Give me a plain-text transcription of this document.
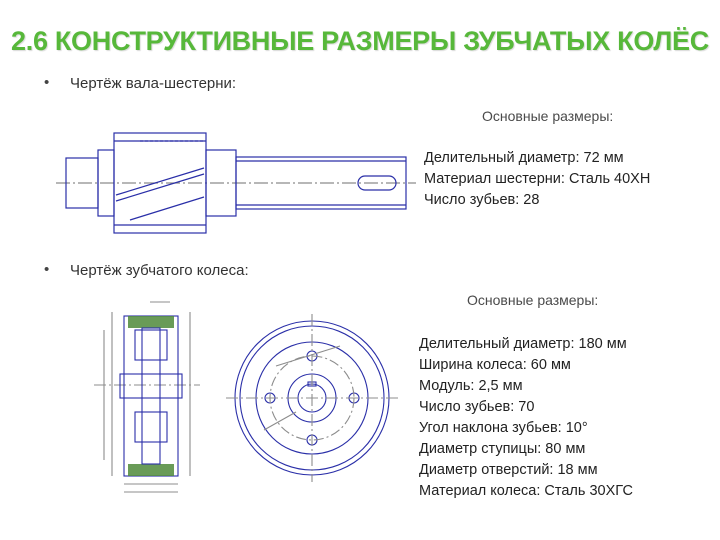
2.6 КОНСТРУКТИВНЫЕ РАЗМЕРЫ ЗУБЧАТЫХ КОЛЁС
• Чертёж вала-шестерни:
Основные размеры:
Делительный диаметр: 72 мм
Материал шестерни: Сталь 40ХН
Число зубьев: 28
• Чертёж зубчатого колеса:
Основные размеры:
Делительный диаметр: 180 мм
Ширина колеса: 60 мм
Модуль: 2,5 мм
Число зубьев: 70
Угол наклона зубьев: 10°
Диаметр ступицы: 80 мм
Диаметр отверстий: 18 мм
Материал колеса: Сталь 30ХГС
